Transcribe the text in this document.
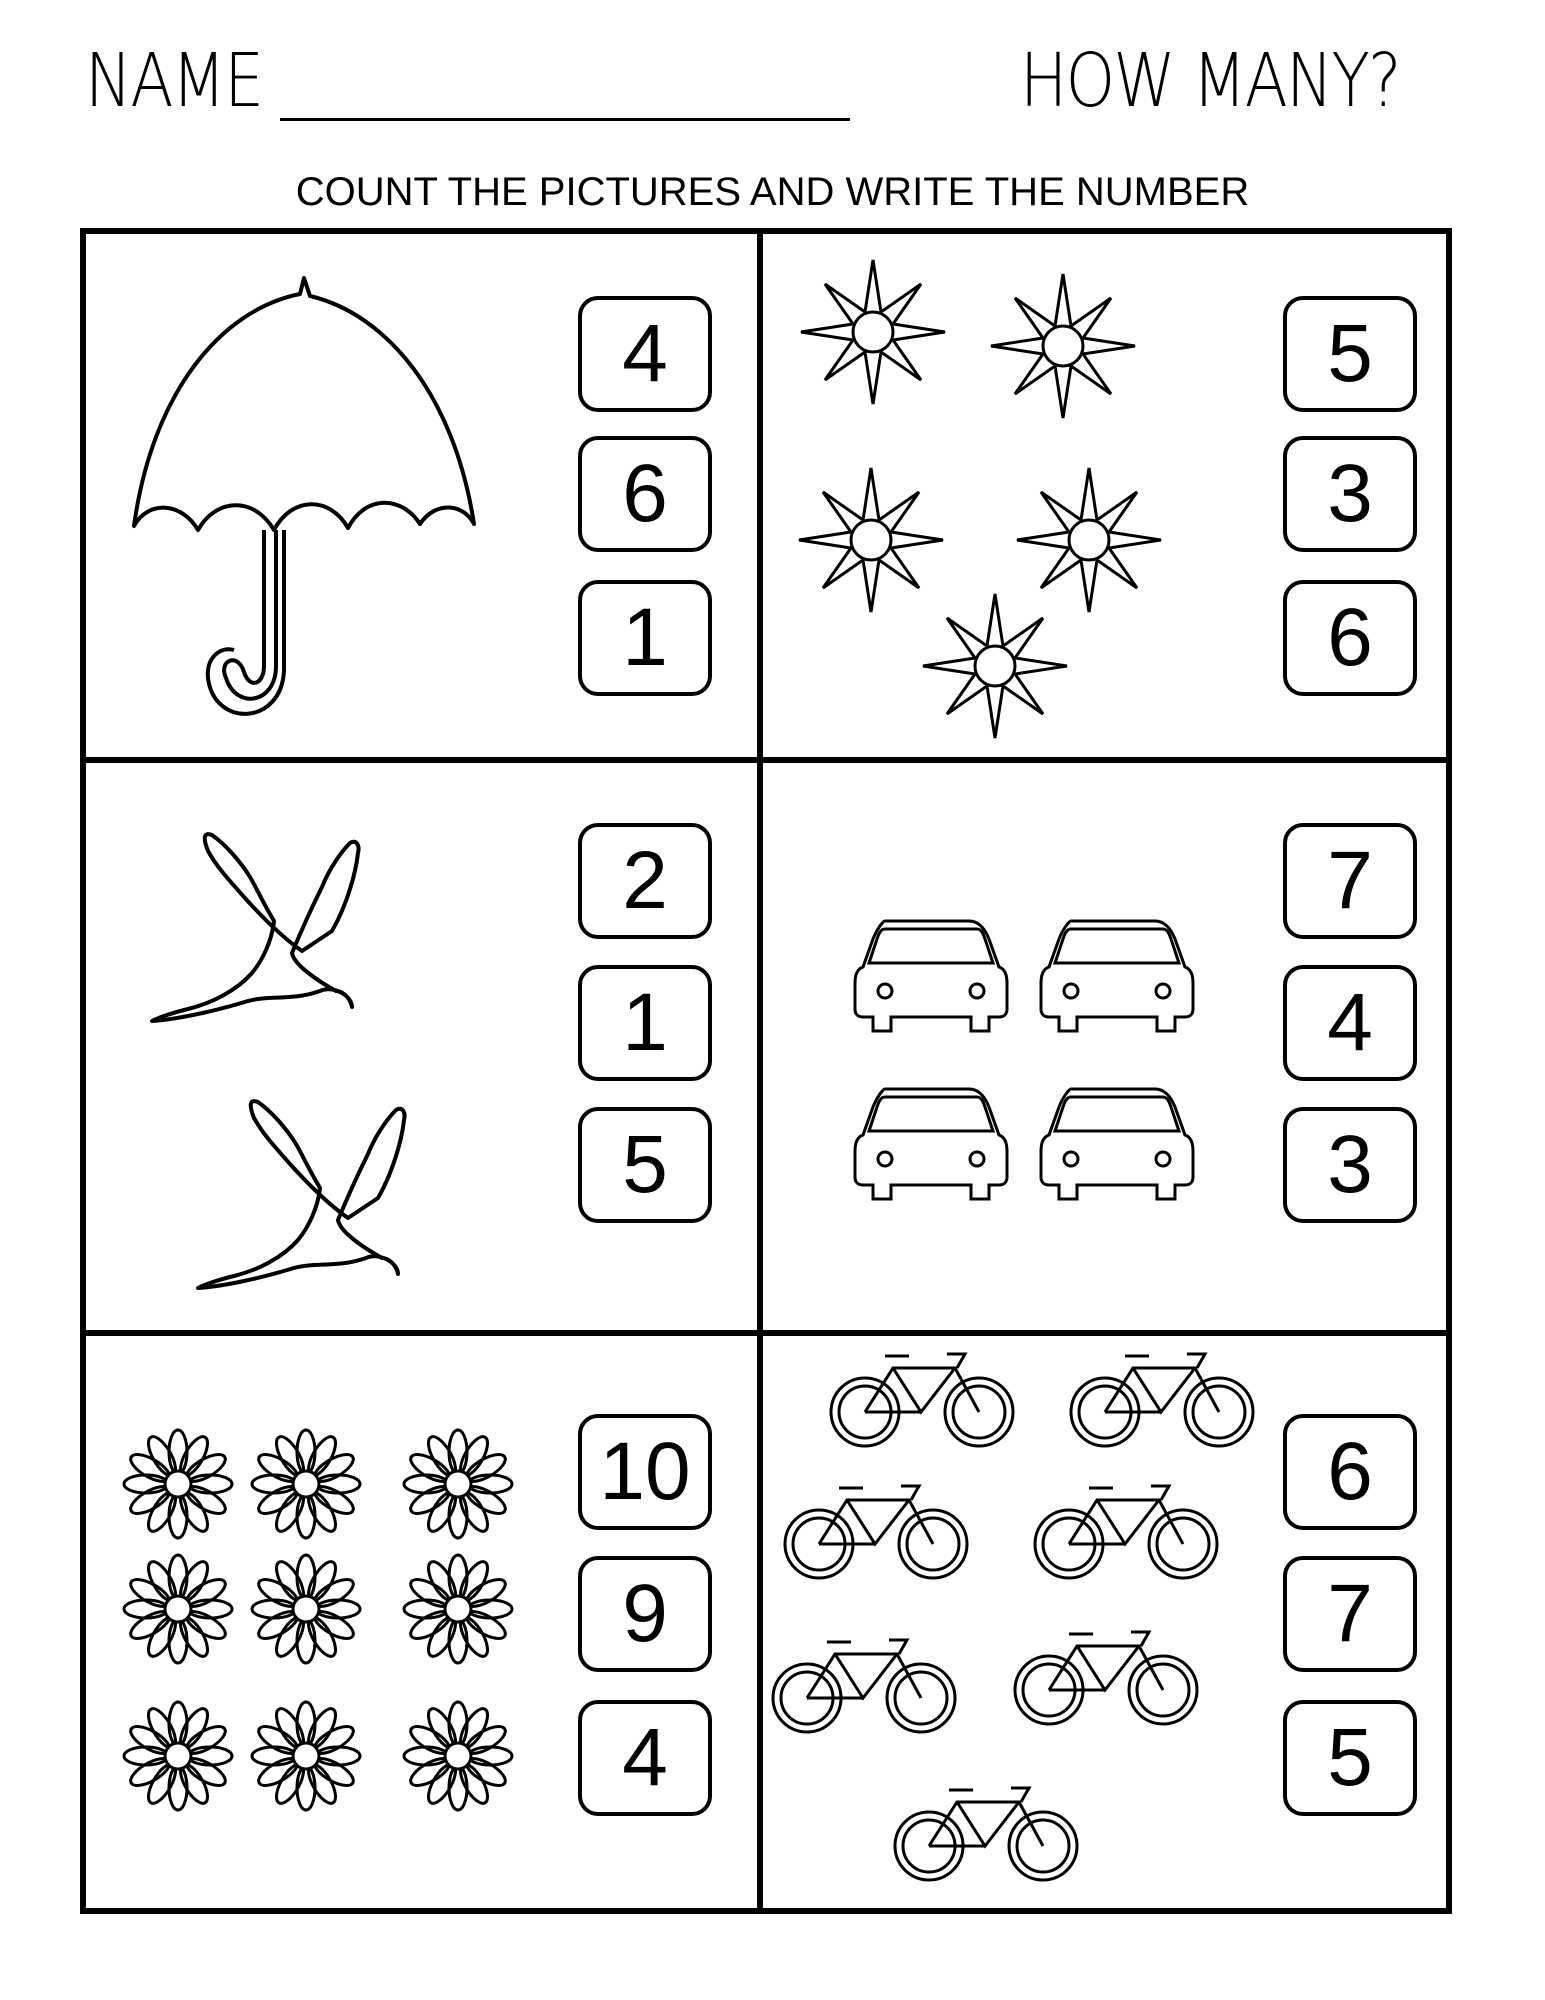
NAME	HOW MANY?
COUNT THE PICTURES AND WRITE THE NUMBER
4
6
1
5
3
6
2
1
5
7
4
3
10
9
4
6
7
5
